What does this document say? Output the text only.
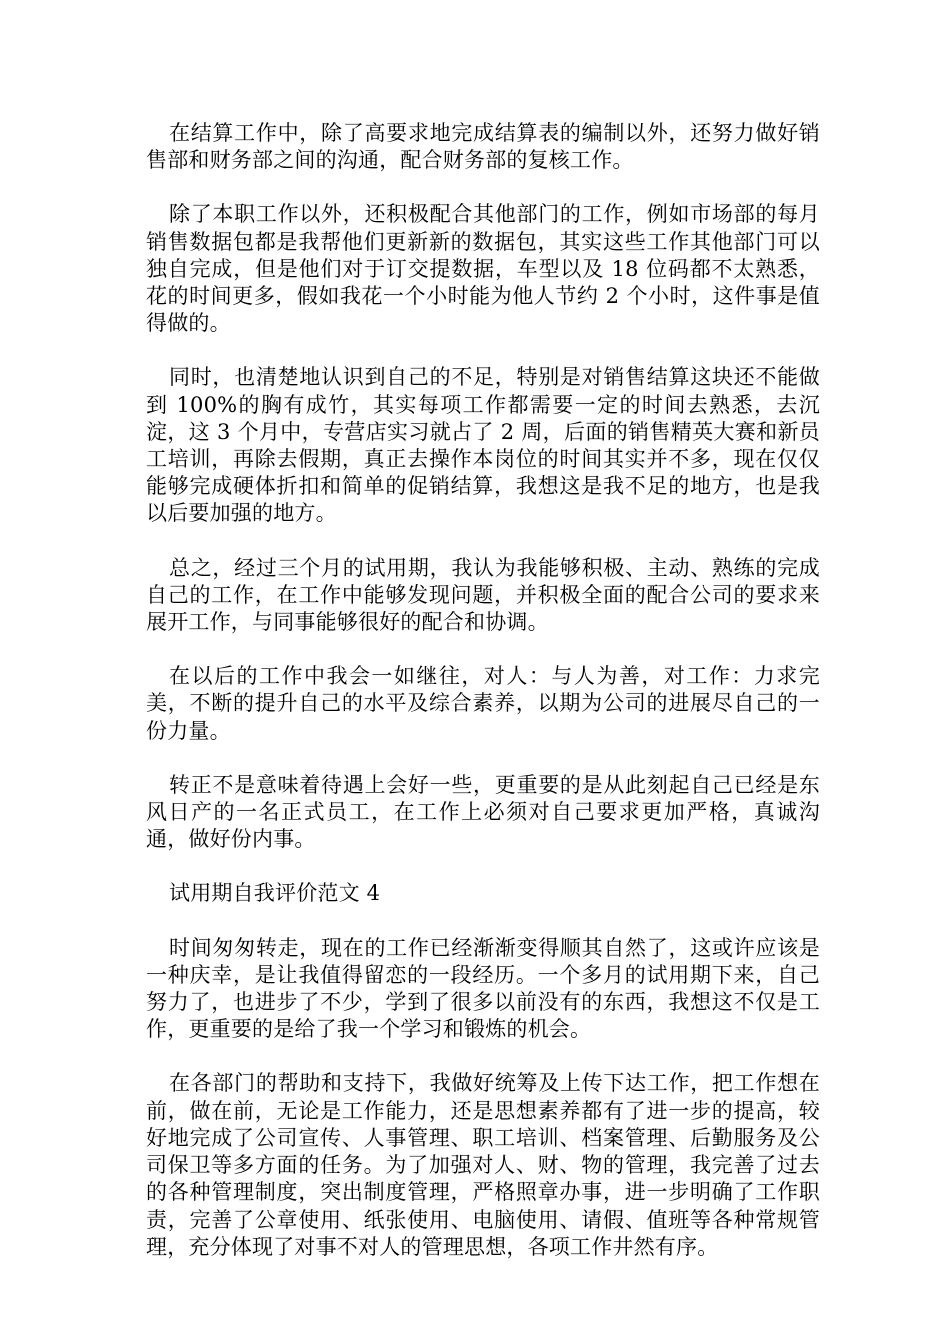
在结算工作中，除了高要求地完成结算表的编制以外，还努力做好销售部和财务部之间的沟通，配合财务部的复核工作。

除了本职工作以外，还积极配合其他部门的工作，例如市场部的每月销售数据包都是我帮他们更新新的数据包，其实这些工作其他部门可以独自完成，但是他们对于订交提数据，车型以及 18 位码都不太熟悉，花的时间更多，假如我花一个小时能为他人节约 2 个小时，这件事是值得做的。

同时，也清楚地认识到自己的不足，特别是对销售结算这块还不能做到 100%的胸有成竹，其实每项工作都需要一定的时间去熟悉，去沉淀，这 3 个月中，专营店实习就占了 2 周，后面的销售精英大赛和新员工培训，再除去假期，真正去操作本岗位的时间其实并不多，现在仅仅能够完成硬体折扣和简单的促销结算，我想这是我不足的地方，也是我以后要加强的地方。

总之，经过三个月的试用期，我认为我能够积极、主动、熟练的完成自己的工作，在工作中能够发现问题，并积极全面的配合公司的要求来展开工作，与同事能够很好的配合和协调。

在以后的工作中我会一如继往，对人：与人为善，对工作：力求完美，不断的提升自己的水平及综合素养，以期为公司的进展尽自己的一份力量。

转正不是意味着待遇上会好一些，更重要的是从此刻起自己已经是东风日产的一名正式员工，在工作上必须对自己要求更加严格，真诚沟通，做好份内事。

试用期自我评价范文 4

时间匆匆转走，现在的工作已经渐渐变得顺其自然了，这或许应该是一种庆幸，是让我值得留恋的一段经历。一个多月的试用期下来，自己努力了，也进步了不少，学到了很多以前没有的东西，我想这不仅是工作，更重要的是给了我一个学习和锻炼的机会。

在各部门的帮助和支持下，我做好统筹及上传下达工作，把工作想在前，做在前，无论是工作能力，还是思想素养都有了进一步的提高，较好地完成了公司宣传、人事管理、职工培训、档案管理、后勤服务及公司保卫等多方面的任务。为了加强对人、财、物的管理，我完善了过去的各种管理制度，突出制度管理，严格照章办事，进一步明确了工作职责，完善了公章使用、纸张使用、电脑使用、请假、值班等各种常规管理，充分体现了对事不对人的管理思想，各项工作井然有序。
